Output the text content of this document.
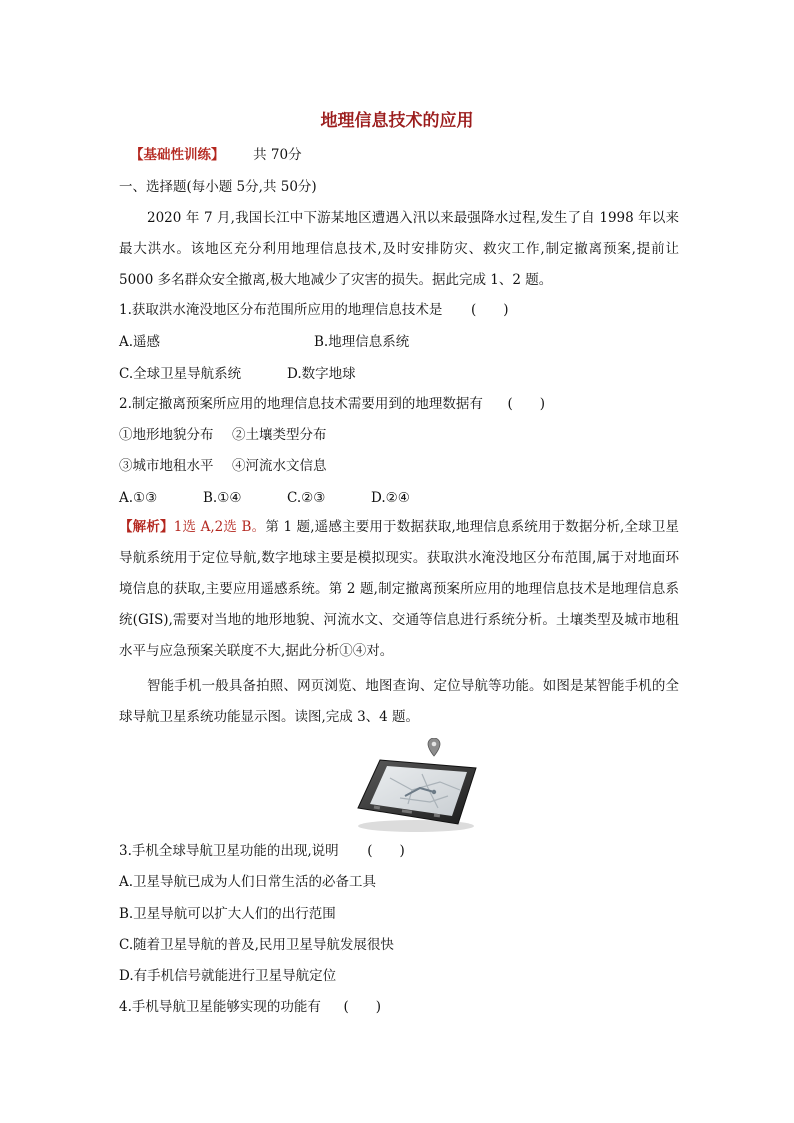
地理信息技术的应用
【基础性训练】 共 70分
一、选择题(每小题 5分,共 50分)
2020 年 7 月,我国长江中下游某地区遭遇入汛以来最强降水过程,发生了自 1998 年以来最大洪水。该地区充分利用地理信息技术,及时安排防灾、救灾工作,制定撤离预案,提前让 5000 多名群众安全撤离,极大地减少了灾害的损失。据此完成 1、2 题。
1.获取洪水淹没地区分布范围所应用的地理信息技术是 (　　)
A.遥感	B.地理信息系统
C.全球卫星导航系统	D.数字地球
2.制定撤离预案所应用的地理信息技术需要用到的地理数据有 (　　)
①地形地貌分布 ②土壤类型分布
③城市地租水平 ④河流水文信息
A.①③	B.①④	C.②③	D.②④
【解析】1选 A,2选 B。第 1 题,遥感主要用于数据获取,地理信息系统用于数据分析,全球卫星导航系统用于定位导航,数字地球主要是模拟现实。获取洪水淹没地区分布范围,属于对地面环境信息的获取,主要应用遥感系统。第 2 题,制定撤离预案所应用的地理信息技术是地理信息系统(GIS),需要对当地的地形地貌、河流水文、交通等信息进行系统分析。土壤类型及城市地租水平与应急预案关联度不大,据此分析①④对。
智能手机一般具备拍照、网页浏览、地图查询、定位导航等功能。如图是某智能手机的全球导航卫星系统功能显示图。读图,完成 3、4 题。
3.手机全球导航卫星功能的出现,说明 (　　)
A.卫星导航已成为人们日常生活的必备工具
B.卫星导航可以扩大人们的出行范围
C.随着卫星导航的普及,民用卫星导航发展很快
D.有手机信号就能进行卫星导航定位
4.手机导航卫星能够实现的功能有 (　　)
